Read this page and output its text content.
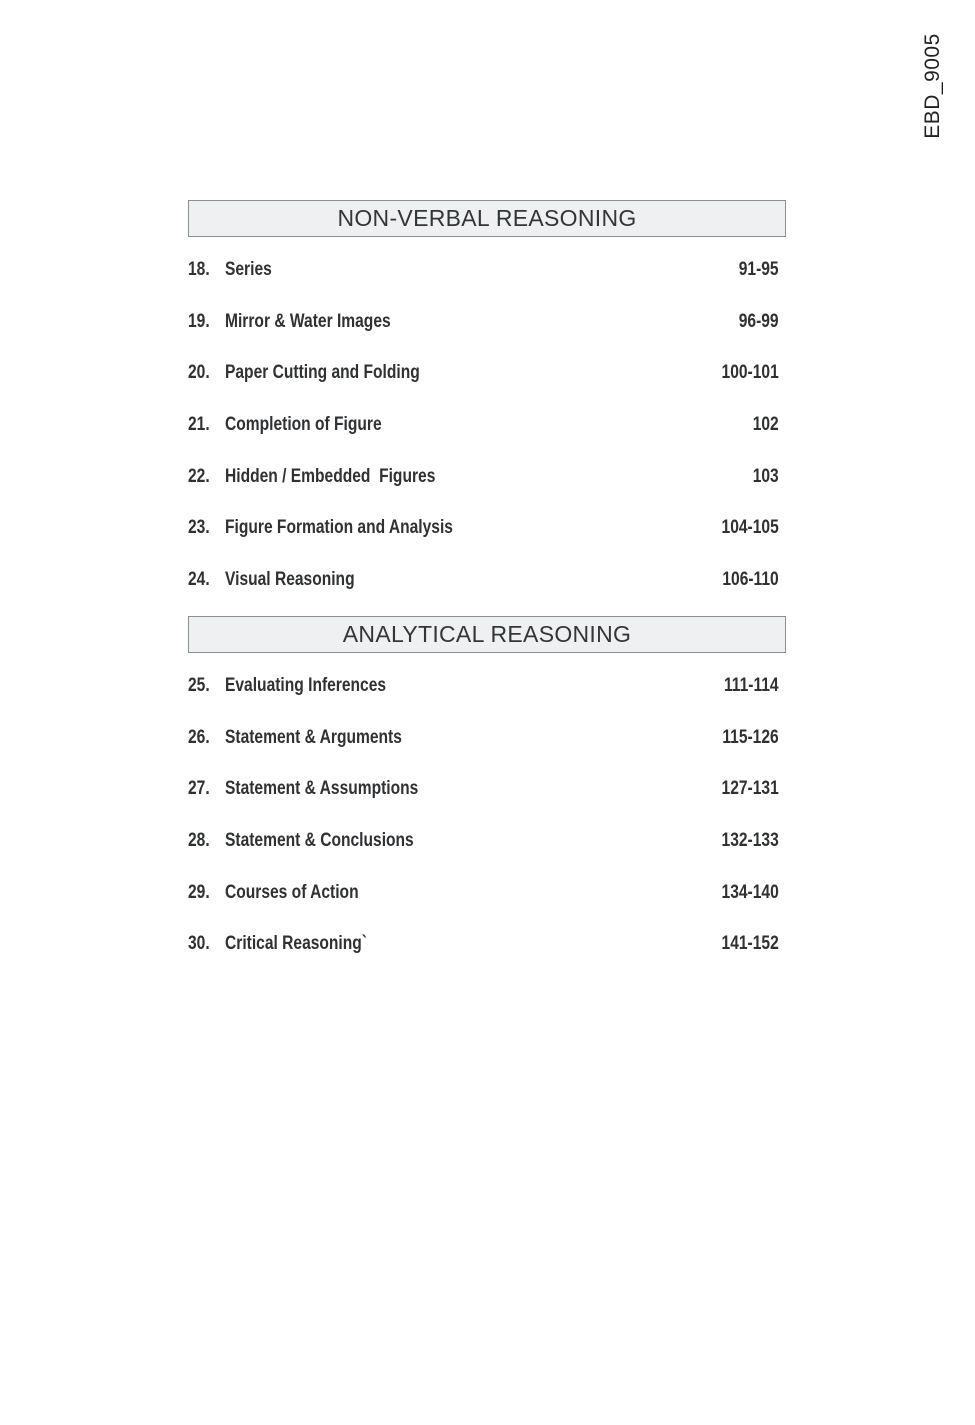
EBD_9005
NON-VERBAL REASONING
18. Series	91-95
19. Mirror & Water Images	96-99
20. Paper Cutting and Folding	100-101
21. Completion of Figure	102
22. Hidden / Embedded  Figures	103
23. Figure Formation and Analysis	104-105
24. Visual Reasoning	106-110
ANALYTICAL REASONING
25. Evaluating Inferences	111-114
26. Statement & Arguments	115-126
27. Statement & Assumptions	127-131
28. Statement & Conclusions	132-133
29. Courses of Action	134-140
30. Critical Reasoning`	141-152
